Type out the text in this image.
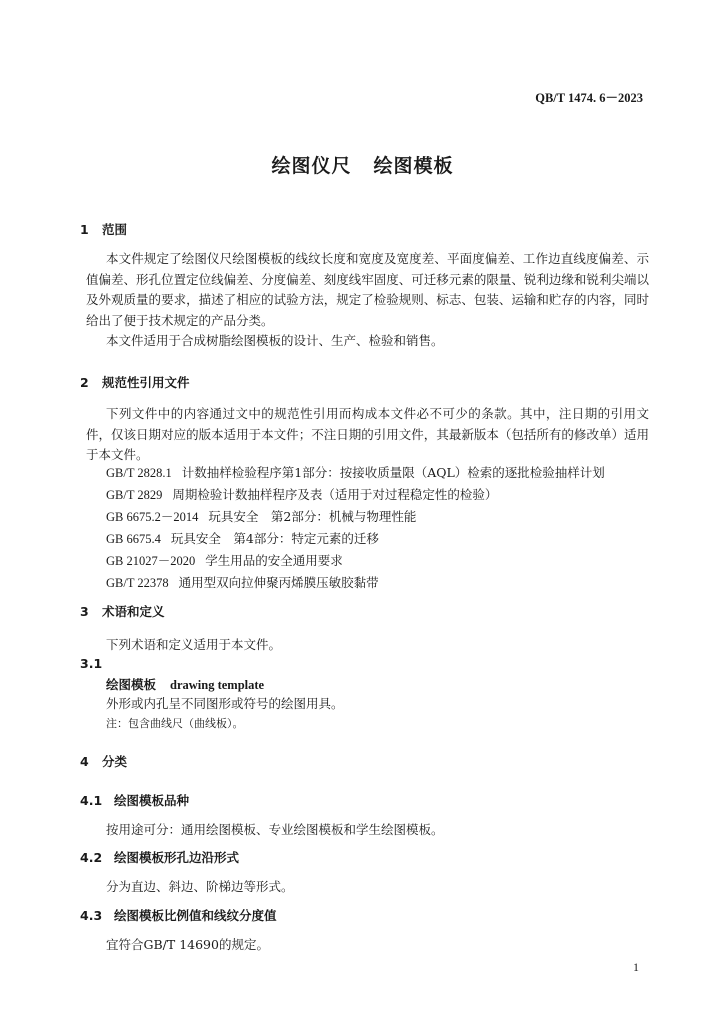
QB/T 1474. 6－2023
绘图仪尺 绘图模板
1 范围

本文件规定了绘图仪尺绘图模板的线纹长度和宽度及宽度差、平面度偏差、工作边直线度偏差、示值偏差、形孔位置定位线偏差、分度偏差、刻度线牢固度、可迁移元素的限量、锐利边缘和锐利尖端以及外观质量的要求，描述了相应的试验方法，规定了检验规则、标志、包装、运输和贮存的内容，同时给出了便于技术规定的产品分类。

本文件适用于合成树脂绘图模板的设计、生产、检验和销售。

2 规范性引用文件

下列文件中的内容通过文中的规范性引用而构成本文件必不可少的条款。其中，注日期的引用文件，仅该日期对应的版本适用于本文件；不注日期的引用文件，其最新版本（包括所有的修改单）适用于本文件。

GB/T 2828.1 计数抽样检验程序第1部分：按接收质量限（AQL）检索的逐批检验抽样计划
GB/T 2829 周期检验计数抽样程序及表（适用于对过程稳定性的检验）
GB 6675.2－2014 玩具安全　第2部分：机械与物理性能
GB 6675.4 玩具安全　第4部分：特定元素的迁移
GB 21027－2020 学生用品的安全通用要求
GB/T 22378 通用型双向拉伸聚丙烯膜压敏胶黏带
3 术语和定义
下列术语和定义适用于本文件。
3.1
绘图模板 drawing template
外形或内孔呈不同图形或符号的绘图用具。
注：包含曲线尺（曲线板）。
4 分类
4.1 绘图模板品种
按用途可分：通用绘图模板、专业绘图模板和学生绘图模板。
4.2 绘图模板形孔边沿形式
分为直边、斜边、阶梯边等形式。
4.3 绘图模板比例值和线纹分度值
宜符合GB/T 14690的规定。
1
